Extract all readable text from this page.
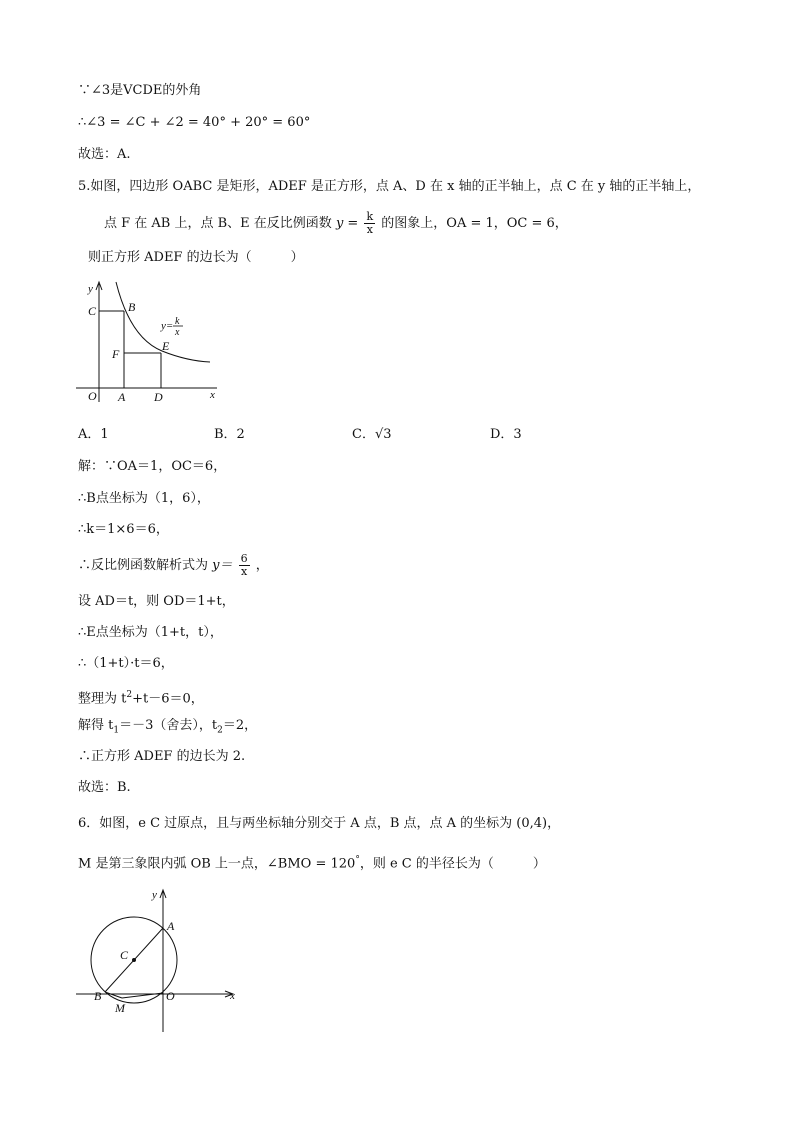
∵∠3是VCDE的外角
∴∠3 = ∠C + ∠2 = 40° + 20° = 60°
故选：A.
5.如图，四边形 OABC 是矩形，ADEF 是正方形，点 A、D 在 x 轴的正半轴上，点 C 在 y 轴的正半轴上，
点 F 在 AB 上，点 B、E 在反比例函数 $y = \frac{k}{x}$ 的图象上，OA = 1，OC = 6，
则正方形 ADEF 的边长为（　　　）
y
C	B
F
E
O A D	x
y= k
x
A．1	B．2	C．√3	D．3
解：∵OA＝1，OC＝6，
∴B点坐标为（1，6），
∴k＝1×6＝6，
∴反比例函数解析式为 $y= \frac{6}{x}$ ，
设 AD＝t，则 OD＝1+t，
∴E点坐标为（1+t，t），
∴（1+t）·t＝6，
整理为 $t^2+t-6=0$，
解得 $t_1=-3$（舍去），$t_2=2$，
∴正方形 ADEF 的边长为 2.
故选：B.
6．如图，e C 过原点，且与两坐标轴分别交于 A 点，B 点，点 A 的坐标为 (0,4)，
M 是第三象限内弧 OB 上一点，∠BMO = 120°，则 e C 的半径长为（　　　）
y
A
C
B	O
M
x
